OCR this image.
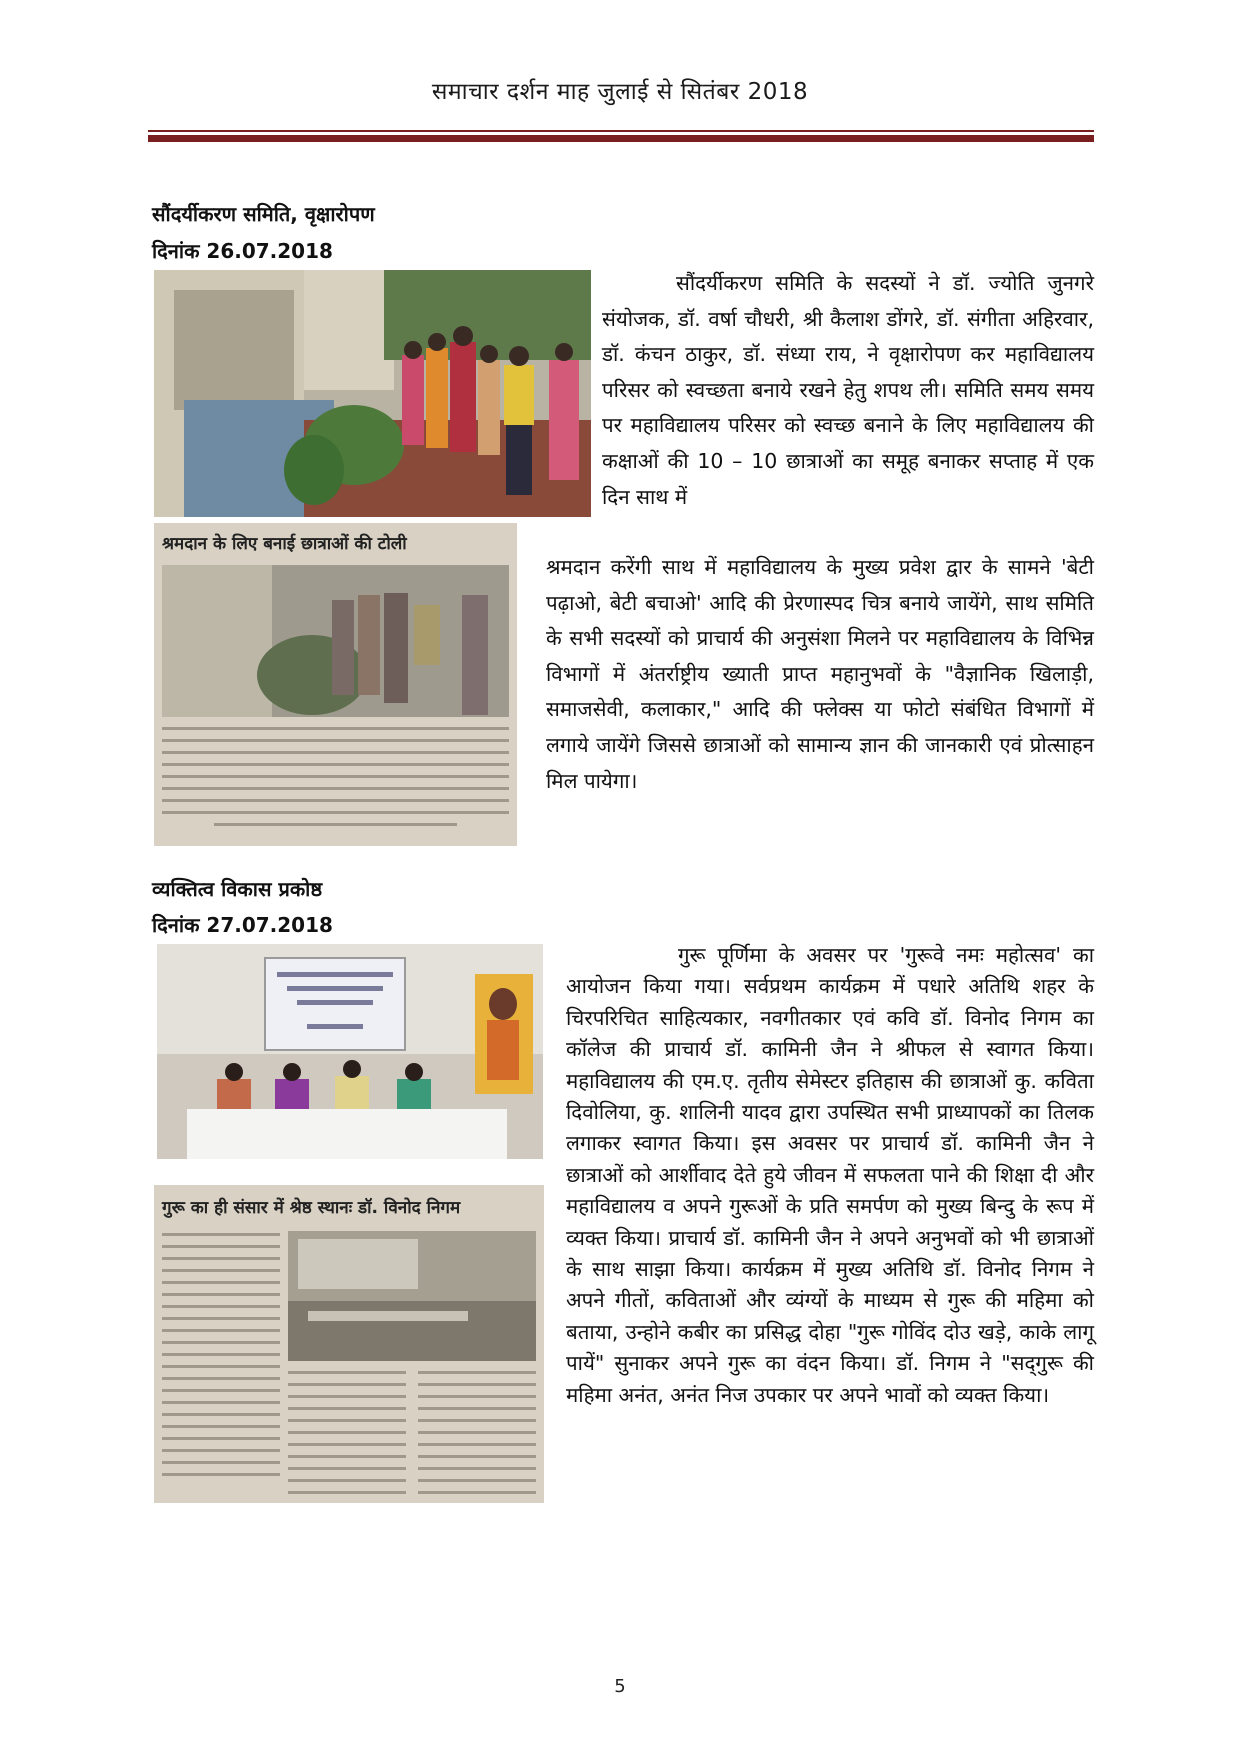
समाचार दर्शन माह जुलाई से सितंबर 2018
सौंदर्यीकरण समिति, वृक्षारोपण
दिनांक 26.07.2018
श्रमदान के लिए बनाई छात्राओं की टोली
सौंदर्यीकरण समिति के सदस्यों ने डॉ. ज्योति जुनगरे संयोजक, डॉ. वर्षा चौधरी, श्री कैलाश डोंगरे, डॉ. संगीता अहिरवार, डॉ. कंचन ठाकुर, डॉ. संध्या राय, ने वृक्षारोपण कर महाविद्यालय परिसर को स्वच्छता बनाये रखने हेतु शपथ ली। समिति समय समय पर महाविद्यालय परिसर को स्वच्छ बनाने के लिए महाविद्यालय की कक्षाओं की 10 – 10 छात्राओं का समूह बनाकर सप्ताह में एक दिन साथ में
श्रमदान करेंगी साथ में महाविद्यालय के मुख्य प्रवेश द्वार के सामने 'बेटी पढ़ाओ, बेटी बचाओ' आदि की प्रेरणास्पद चित्र बनाये जायेंगे, साथ समिति के सभी सदस्यों को प्राचार्य की अनुसंशा मिलने पर महाविद्यालय के विभिन्न विभागों में अंतर्राष्ट्रीय ख्याती प्राप्त महानुभवों के "वैज्ञानिक खिलाड़ी, समाजसेवी, कलाकार," आदि की फ्लेक्स या फोटो संबंधित विभागों में लगाये जायेंगे जिससे छात्राओं को सामान्य ज्ञान की जानकारी एवं प्रोत्साहन मिल पायेगा।
व्यक्तित्व विकास प्रकोष्ठ
दिनांक 27.07.2018
गुरू का ही संसार में श्रेष्ठ स्थानः डॉ. विनोद निगम
गुरू पूर्णिमा के अवसर पर 'गुरूवे नमः महोत्सव' का आयोजन किया गया। सर्वप्रथम कार्यक्रम में पधारे अतिथि शहर के चिरपरिचित साहित्यकार, नवगीतकार एवं कवि डॉ. विनोद निगम का कॉलेज की प्राचार्य डॉ. कामिनी जैन ने श्रीफल से स्वागत किया। महाविद्यालय की एम.ए. तृतीय सेमेस्टर इतिहास की छात्राओं कु. कविता दिवोलिया, कु. शालिनी यादव द्वारा उपस्थित सभी प्राध्यापकों का तिलक लगाकर स्वागत किया। इस अवसर पर प्राचार्य डॉ. कामिनी जैन ने छात्राओं को आर्शीवाद देते हुये जीवन में सफलता पाने की शिक्षा दी और महाविद्यालय व अपने गुरूओं के प्रति समर्पण को मुख्य बिन्दु के रूप में व्यक्त किया। प्राचार्य डॉ. कामिनी जैन ने अपने अनुभवों को भी छात्राओं के साथ साझा किया। कार्यक्रम में मुख्य अतिथि डॉ. विनोद निगम ने अपने गीतों, कविताओं और व्यंग्यों के माध्यम से गुरू की महिमा को बताया, उन्होने कबीर का प्रसिद्ध दोहा "गुरू गोविंद दोउ खड़े, काके लागू पायें" सुनाकर अपने गुरू का वंदन किया। डॉ. निगम ने "सद्‌गुरू की महिमा अनंत, अनंत निज उपकार पर अपने भावों को व्यक्त किया।
5
